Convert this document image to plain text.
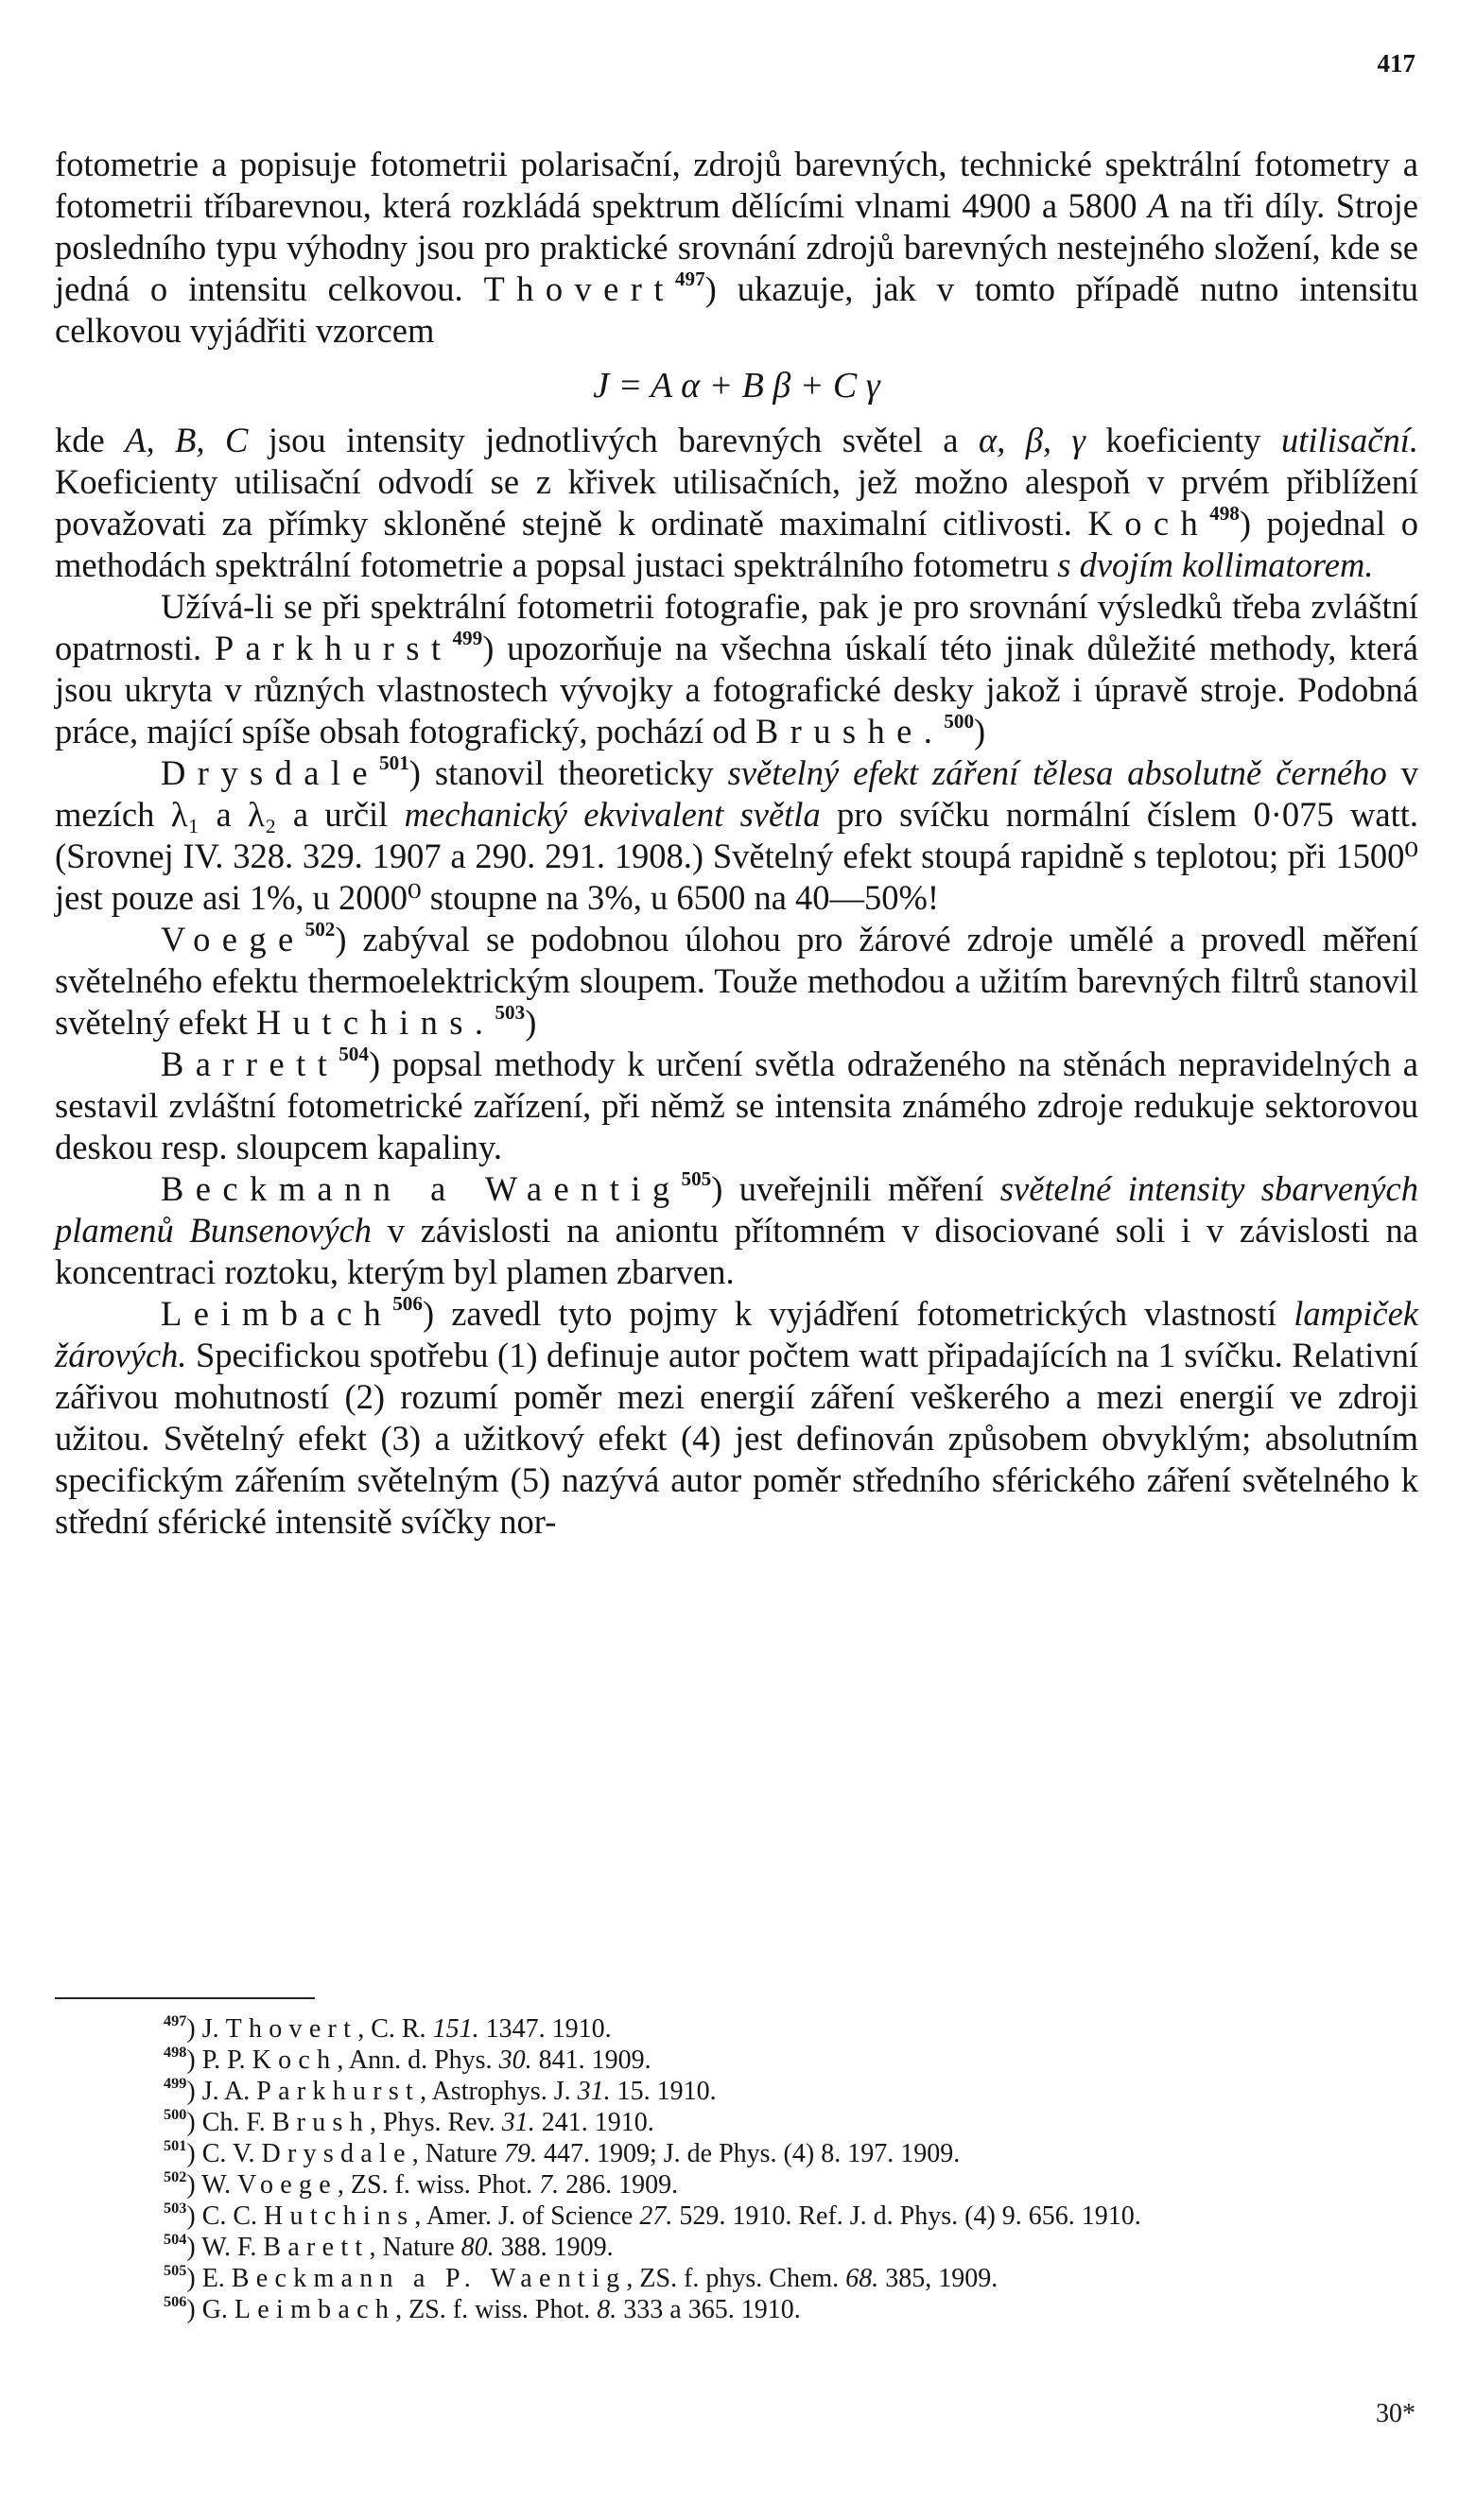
417

fotometrie a popisuje fotometrii polarisační, zdrojů barevných, technické spektrální fotometry a fotometrii tříbarevnou, která rozkládá spektrum dělícími vlnami 4900 a 5800 A na tři díly. Stroje posledního typu výhodny jsou pro praktické srovnání zdrojů barevných nestejného složení, kde se jedná o intensitu celkovou. Thovert$^{497}$) ukazuje, jak v tomto případě nutno intensitu celkovou vyjádřiti vzorcem

J = A α + B β + C γ

kde A, B, C jsou intensity jednotlivých barevných světel a α, β, γ koeficienty utilisační. Koeficienty utilisační odvodí se z křivek utilisačních, jež možno alespoň v prvém přiblížení považovati za přímky skloněné stejně k ordinatě maximalní citlivosti. Koch$^{498}$) pojednal o methodách spektrální fotometrie a popsal justaci spektrálního fotometru s dvojím kollimatorem.

Užívá-li se při spektrální fotometrii fotografie, pak je pro srovnání výsledků třeba zvláštní opatrnosti. Parkhurst$^{499}$) upozorňuje na všechna úskalí této jinak důležité methody, která jsou ukryta v různých vlastnostech vývojky a fotografické desky jakož i úpravě stroje. Podobná práce, mající spíše obsah fotografický, pochází od Brushe.$^{500}$)

Drysdale$^{501}$) stanovil theoreticky světelný efekt záření tělesa absolutně černého v mezích λ₁ a λ₂ a určil mechanický ekvivalent světla pro svíčku normální číslem 0·075 watt. (Srovnej IV. 328. 329. 1907 a 290. 291. 1908.) Světelný efekt stoupá rapidně s teplotou; při 1500⁰ jest pouze asi 1%, u 2000⁰ stoupne na 3%, u 6500 na 40—50%!

Voege$^{502}$) zabýval se podobnou úlohou pro žárové zdroje umělé a provedl měření světelného efektu thermoelektrickým sloupem. Touže methodou a užitím barevných filtrů stanovil světelný efekt Hutchins.$^{503}$)

Barrett$^{504}$) popsal methody k určení světla odraženého na stěnách nepravidelných a sestavil zvláštní fotometrické zařízení, při němž se intensita známého zdroje redukuje sektorovou deskou resp. sloupcem kapaliny.

Beckmann a Waentig$^{505}$) uveřejnili měření světelné intensity sbarvených plamenů Bunsenových v závislosti na aniontu přítomném v disociované soli i v závislosti na koncentraci roztoku, kterým byl plamen zbarven.

Leimbach$^{506}$) zavedl tyto pojmy k vyjádření fotometrických vlastností lampiček žárových. Specifickou spotřebu (1) definuje autor počtem watt připadajících na 1 svíčku. Relativní zářivou mohutností (2) rozumí poměr mezi energií záření veškerého a mezi energií ve zdroji užitou. Světelný efekt (3) a užitkový efekt (4) jest definován způsobem obvyklým; absolutním specifickým zářením světelným (5) nazývá autor poměr středního sférického záření světelného k střední sférické intensitě svíčky nor-

$^{497}$) J. Thovert, C. R. 151. 1347. 1910.
$^{498}$) P. P. Koch, Ann. d. Phys. 30. 841. 1909.
$^{499}$) J. A. Parkhurst, Astrophys. J. 31. 15. 1910.
$^{500}$) Ch. F. Brush, Phys. Rev. 31. 241. 1910.
$^{501}$) C. V. Drysdale, Nature 79. 447. 1909; J. de Phys. (4) 8. 197. 1909.
$^{502}$) W. Voege, ZS. f. wiss. Phot. 7. 286. 1909.
$^{503}$) C. C. Hutchins, Amer. J. of Science 27. 529. 1910. Ref. J. d. Phys. (4) 9. 656. 1910.
$^{504}$) W. F. Barett, Nature 80. 388. 1909.
$^{505}$) E. Beckmann a P. Waentig, ZS. f. phys. Chem. 68. 385, 1909.
$^{506}$) G. Leimbach, ZS. f. wiss. Phot. 8. 333 a 365. 1910.
30*
